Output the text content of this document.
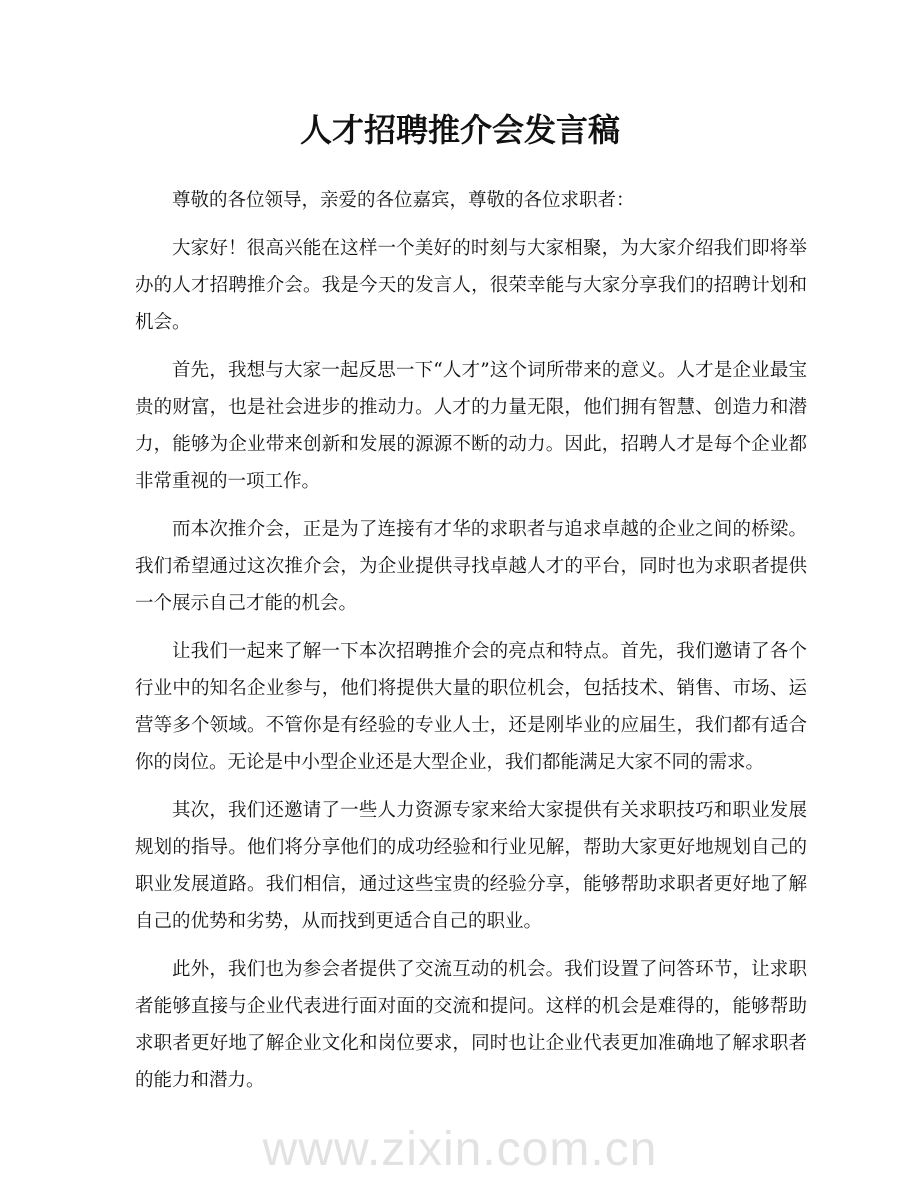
人才招聘推介会发言稿
尊敬的各位领导，亲爱的各位嘉宾，尊敬的各位求职者：
大家好！很高兴能在这样一个美好的时刻与大家相聚，为大家介绍我们即将举
办的人才招聘推介会。我是今天的发言人，很荣幸能与大家分享我们的招聘计划和
机会。
首先，我想与大家一起反思一下“人才”这个词所带来的意义。人才是企业最宝
贵的财富，也是社会进步的推动力。人才的力量无限，他们拥有智慧、创造力和潜
力，能够为企业带来创新和发展的源源不断的动力。因此，招聘人才是每个企业都
非常重视的一项工作。
而本次推介会，正是为了连接有才华的求职者与追求卓越的企业之间的桥梁。
我们希望通过这次推介会，为企业提供寻找卓越人才的平台，同时也为求职者提供
一个展示自己才能的机会。
让我们一起来了解一下本次招聘推介会的亮点和特点。首先，我们邀请了各个
行业中的知名企业参与，他们将提供大量的职位机会，包括技术、销售、市场、运
营等多个领域。不管你是有经验的专业人士，还是刚毕业的应届生，我们都有适合
你的岗位。无论是中小型企业还是大型企业，我们都能满足大家不同的需求。
其次，我们还邀请了一些人力资源专家来给大家提供有关求职技巧和职业发展
规划的指导。他们将分享他们的成功经验和行业见解，帮助大家更好地规划自己的
职业发展道路。我们相信，通过这些宝贵的经验分享，能够帮助求职者更好地了解
自己的优势和劣势，从而找到更适合自己的职业。
此外，我们也为参会者提供了交流互动的机会。我们设置了问答环节，让求职
者能够直接与企业代表进行面对面的交流和提问。这样的机会是难得的，能够帮助
求职者更好地了解企业文化和岗位要求，同时也让企业代表更加准确地了解求职者
的能力和潜力。
www.zixin.com.cn
